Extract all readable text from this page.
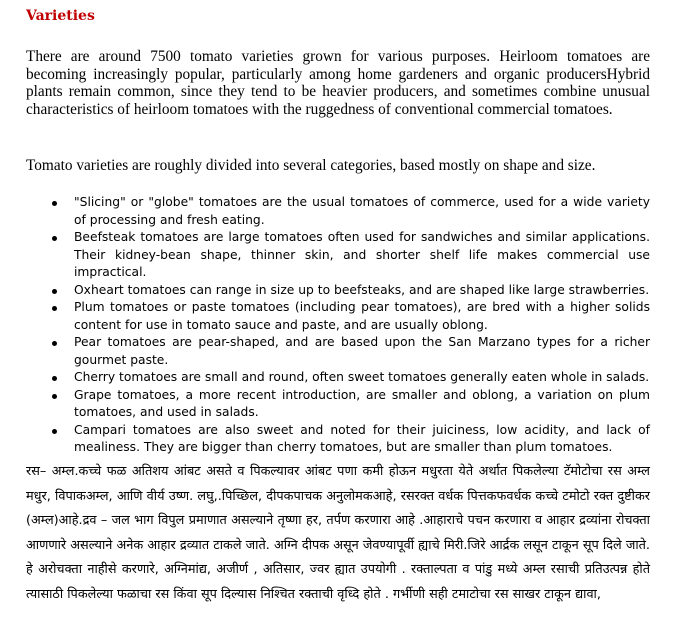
Varieties

There are around 7500 tomato varieties grown for various purposes. Heirloom tomatoes are becoming increasingly popular, particularly among home gardeners and organic producersHybrid plants remain common, since they tend to be heavier producers, and sometimes combine unusual characteristics of heirloom tomatoes with the ruggedness of conventional commercial tomatoes.

Tomato varieties are roughly divided into several categories, based mostly on shape and size.

"Slicing" or "globe" tomatoes are the usual tomatoes of commerce, used for a wide variety of processing and fresh eating.
Beefsteak tomatoes are large tomatoes often used for sandwiches and similar applications. Their kidney-bean shape, thinner skin, and shorter shelf life makes commercial use impractical.
Oxheart tomatoes can range in size up to beefsteaks, and are shaped like large strawberries.
Plum tomatoes or paste tomatoes (including pear tomatoes), are bred with a higher solids content for use in tomato sauce and paste, and are usually oblong.
Pear tomatoes are pear-shaped, and are based upon the San Marzano types for a richer gourmet paste.
Cherry tomatoes are small and round, often sweet tomatoes generally eaten whole in salads.
Grape tomatoes, a more recent introduction, are smaller and oblong, a variation on plum tomatoes, and used in salads.
Campari tomatoes are also sweet and noted for their juiciness, low acidity, and lack of mealiness. They are bigger than cherry tomatoes, but are smaller than plum tomatoes.

रस– अम्ल.कच्चे फळ अतिशय आंबट असते व पिकल्यावर आंबट पणा कमी होऊन मधुरता येते अर्थात पिकलेल्या टॅमोटोचा रस अम्ल मधुर, विपाकअम्ल, आणि वीर्य उष्ण. लघु,.पिच्छिल, दीपकपाचक अनुलोमकआहे, रसरक्त वर्धक पित्तकफवर्धक कच्चे टमोटो रक्त दुष्टीकर (अम्ल)आहे.द्रव – जल भाग विपुल प्रमाणात असल्याने तृष्णा हर, तर्पण करणारा आहे .आहाराचे पचन करणारा व आहार द्रव्यांना रोचक्ता आणणारे असल्याने अनेक आहार द्रव्यात टाकले जाते. अग्नि दीपक असून जेवण्यापूर्वी ह्याचे मिरी.जिरे आर्द्रक लसून टाकून सूप दिले जाते. हे अरोचक्ता नाहीसे करणारे, अग्निमांद्य, अजीर्ण , अतिसार, ज्वर ह्यात उपयोगी . रक्ताल्पता व पांडु मध्ये अम्ल रसाची प्रतिउत्पन्न होते त्यासाठी पिकलेल्या फळाचा रस किंवा सूप दिल्यास निश्चित रक्ताची वृध्दि होते . गर्भीणी सही टमाटोचा रस साखर टाकून द्यावा,
